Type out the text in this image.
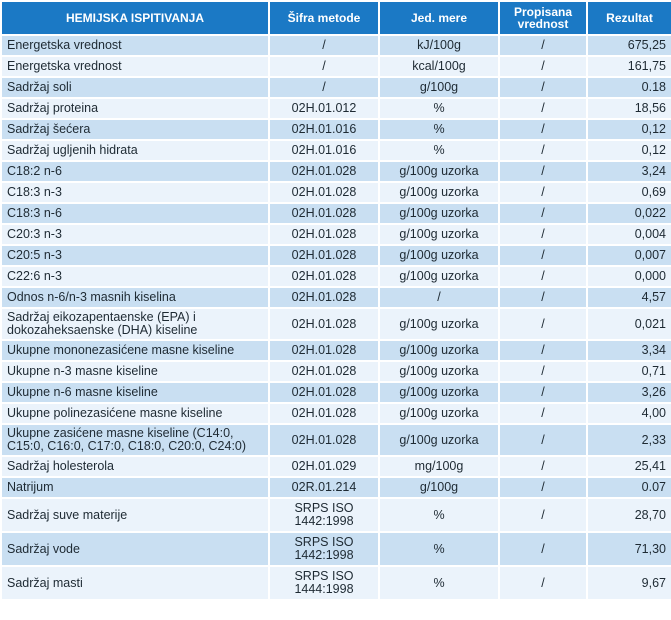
HEMIJSKA ISPITIVANJA	Šifra metode	Jed. mere	Propisana vrednost	Rezultat
Energetska vrednost	/	kJ/100g	/	675,25
Energetska vrednost	/	kcal/100g	/	161,75
Sadržaj soli	/	g/100g	/	0.18
Sadržaj proteina	02H.01.012	%	/	18,56
Sadržaj šećera	02H.01.016	%	/	0,12
Sadržaj ugljenih hidrata	02H.01.016	%	/	0,12
C18:2 n-6	02H.01.028	g/100g uzorka	/	3,24
C18:3 n-3	02H.01.028	g/100g uzorka	/	0,69
C18:3 n-6	02H.01.028	g/100g uzorka	/	0,022
C20:3 n-3	02H.01.028	g/100g uzorka	/	0,004
C20:5 n-3	02H.01.028	g/100g uzorka	/	0,007
C22:6 n-3	02H.01.028	g/100g uzorka	/	0,000
Odnos n-6/n-3 masnih kiselina	02H.01.028	/	/	4,57
Sadržaj eikozapentaenske (EPA) i dokozaheksaenske (DHA) kiseline	02H.01.028	g/100g uzorka	/	0,021
Ukupne mononezasićene masne kiseline	02H.01.028	g/100g uzorka	/	3,34
Ukupne n-3 masne kiseline	02H.01.028	g/100g uzorka	/	0,71
Ukupne n-6 masne kiseline	02H.01.028	g/100g uzorka	/	3,26
Ukupne polinezasićene masne kiseline	02H.01.028	g/100g uzorka	/	4,00
Ukupne zasićene masne kiseline (C14:0, C15:0, C16:0, C17:0, C18:0, C20:0, C24:0)	02H.01.028	g/100g uzorka	/	2,33
Sadržaj holesterola	02H.01.029	mg/100g	/	25,41
Natrijum	02R.01.214	g/100g	/	0.07
Sadržaj suve materije	SRPS ISO 1442:1998	%	/	28,70
Sadržaj vode	SRPS ISO 1442:1998	%	/	71,30
Sadržaj masti	SRPS ISO 1444:1998	%	/	9,67
